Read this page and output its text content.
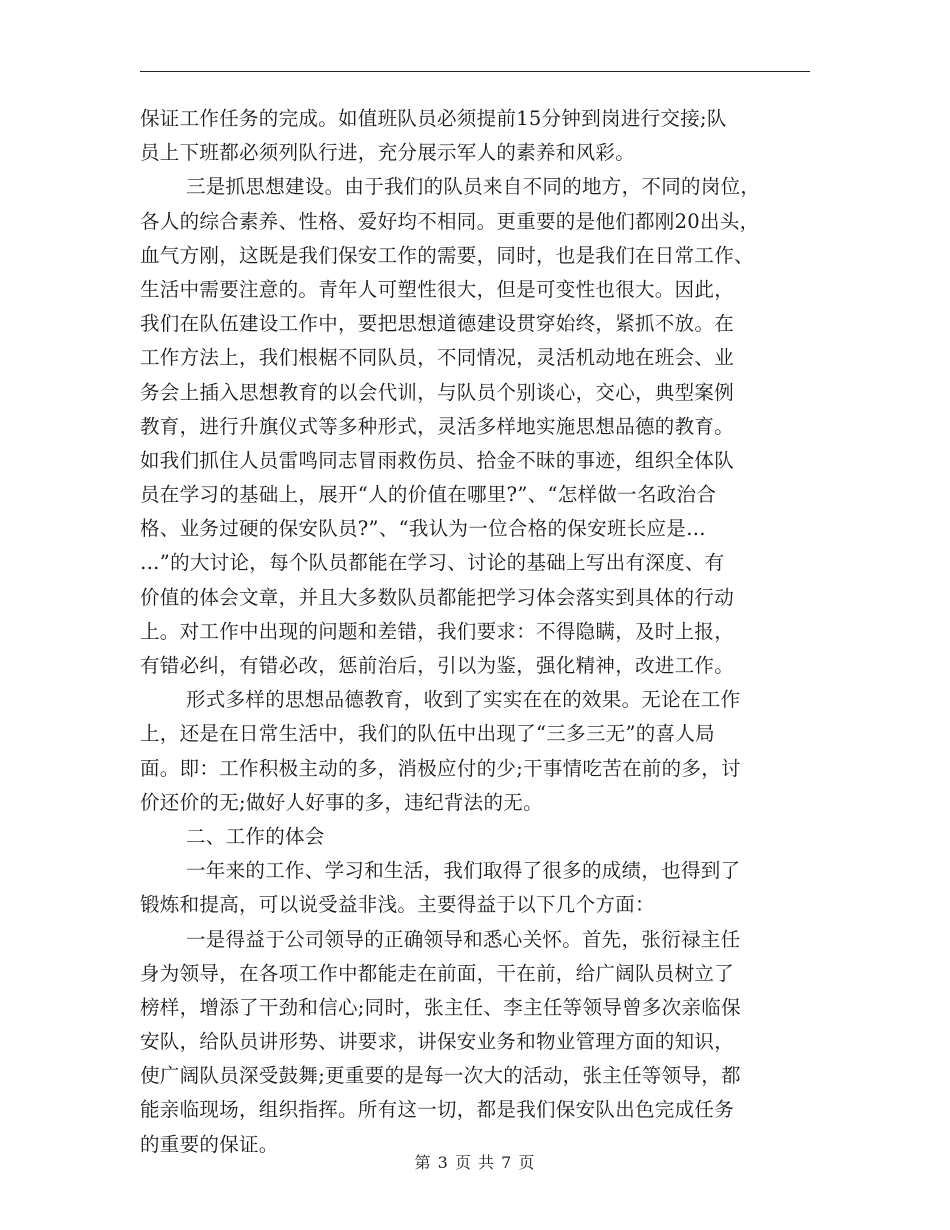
保证工作任务的完成。如值班队员必须提前15分钟到岗进行交接;队
员上下班都必须列队行进，充分展示军人的素养和风彩。
三是抓思想建设。由于我们的队员来自不同的地方，不同的岗位，
各人的综合素养、性格、爱好均不相同。更重要的是他们都刚20出头，
血气方刚，这既是我们保安工作的需要，同时，也是我们在日常工作、
生活中需要注意的。青年人可塑性很大，但是可变性也很大。因此，
我们在队伍建设工作中，要把思想道德建设贯穿始终，紧抓不放。在
工作方法上，我们根椐不同队员，不同情况，灵活机动地在班会、业
务会上插入思想教育的以会代训，与队员个别谈心，交心，典型案例
教育，进行升旗仪式等多种形式，灵活多样地实施思想品德的教育。
如我们抓住人员雷鸣同志冒雨救伤员、拾金不昧的事迹，组织全体队
员在学习的基础上，展开“人的价值在哪里?”、“怎样做一名政治合
格、业务过硬的保安队员?”、“我认为一位合格的保安班长应是…
…”的大讨论，每个队员都能在学习、讨论的基础上写出有深度、有
价值的体会文章，并且大多数队员都能把学习体会落实到具体的行动
上。对工作中出现的问题和差错，我们要求：不得隐瞒，及时上报，
有错必纠，有错必改，惩前治后，引以为鉴，强化精神，改进工作。
形式多样的思想品德教育，收到了实实在在的效果。无论在工作
上，还是在日常生活中，我们的队伍中出现了“三多三无”的喜人局
面。即：工作积极主动的多，消极应付的少;干事情吃苦在前的多，讨
价还价的无;做好人好事的多，违纪背法的无。
二、工作的体会
一年来的工作、学习和生活，我们取得了很多的成绩，也得到了
锻炼和提高，可以说受益非浅。主要得益于以下几个方面：
一是得益于公司领导的正确领导和悉心关怀。首先，张衍禄主任
身为领导，在各项工作中都能走在前面，干在前，给广阔队员树立了
榜样，增添了干劲和信心;同时，张主任、李主任等领导曾多次亲临保
安队，给队员讲形势、讲要求，讲保安业务和物业管理方面的知识，
使广阔队员深受鼓舞;更重要的是每一次大的活动，张主任等领导，都
能亲临现场，组织指挥。所有这一切，都是我们保安队出色完成任务
的重要的保证。
第 3 页 共 7 页
